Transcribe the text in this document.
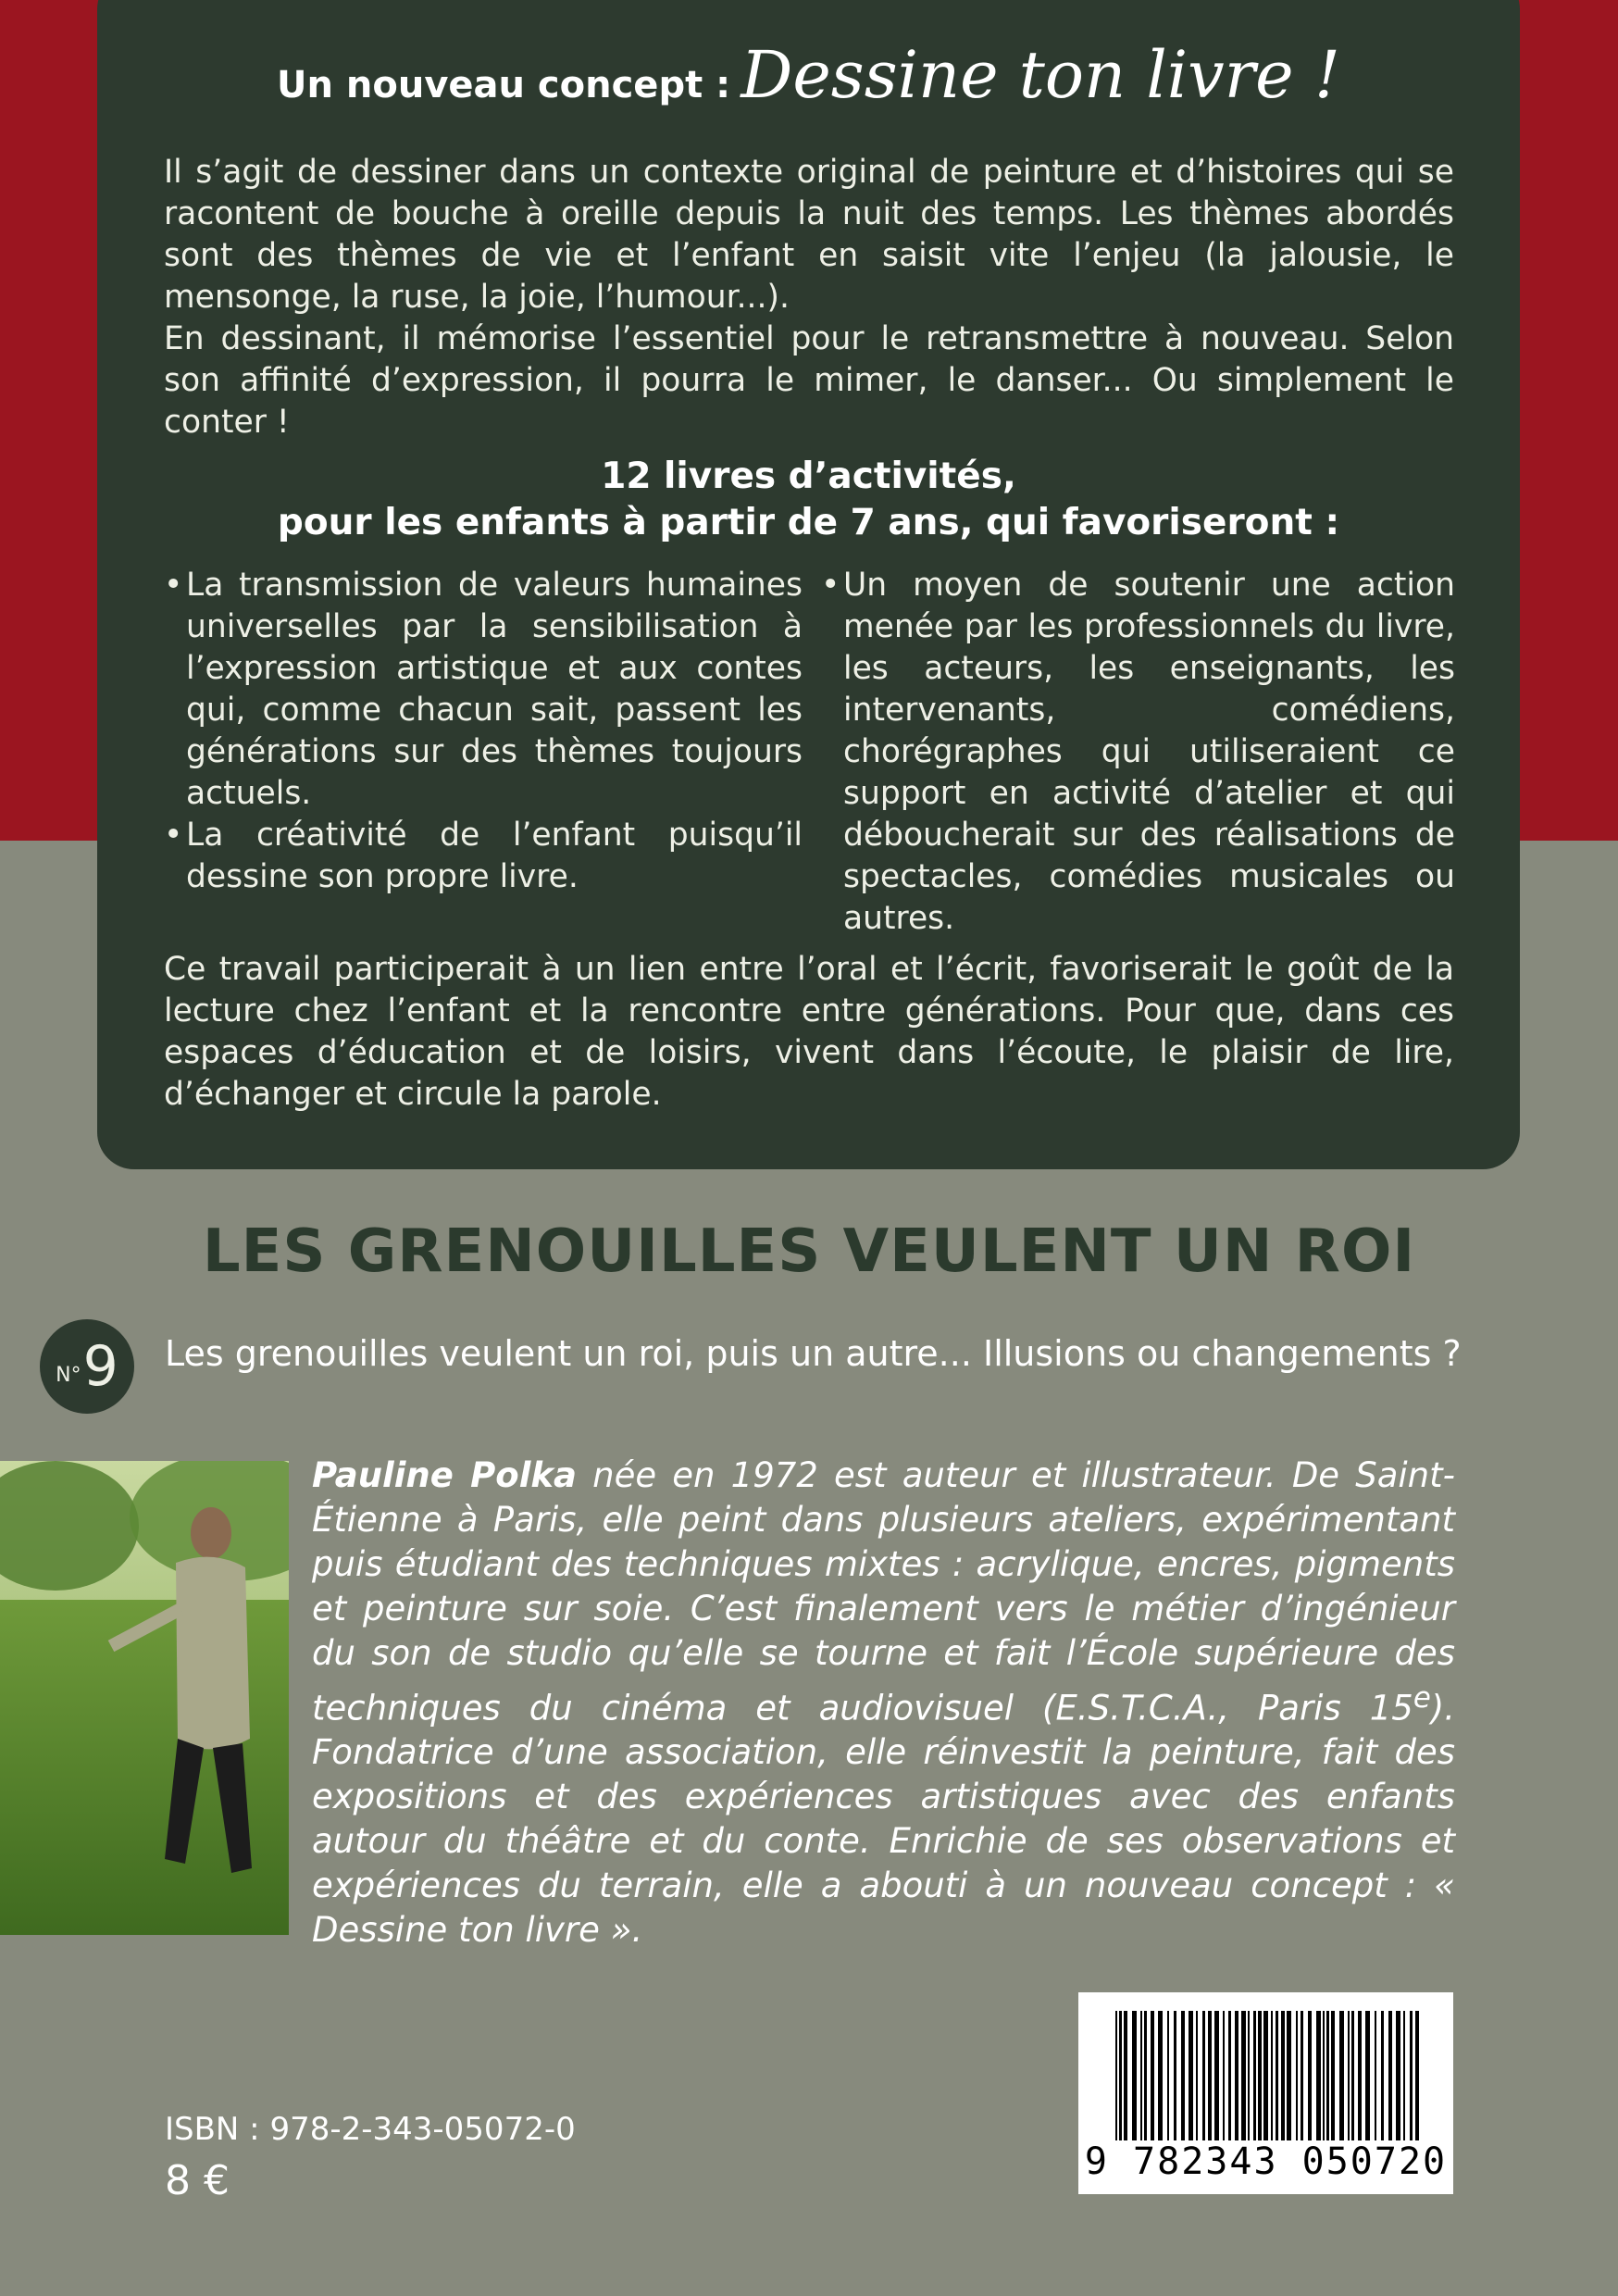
Un nouveau concept : Dessine ton livre !
Il s’agit de dessiner dans un contexte original de peinture et d’histoires qui se racontent de bouche à oreille depuis la nuit des temps. Les thèmes abordés sont des thèmes de vie et l’enfant en saisit vite l’enjeu (la jalousie, le mensonge, la ruse, la joie, l’humour...).
En dessinant, il mémorise l’essentiel pour le retransmettre à nouveau. Selon son affinité d’expression, il pourra le mimer, le danser... Ou simplement le conter !
12 livres d’activités,
pour les enfants à partir de 7 ans, qui favoriseront :
• La transmission de valeurs humaines universelles par la sensibilisation à l’expression artistique et aux contes qui, comme chacun sait, passent les générations sur des thèmes toujours actuels.
• La créativité de l’enfant puisqu’il dessine son propre livre.
• Un moyen de soutenir une action menée par les professionnels du livre, les acteurs, les enseignants, les intervenants, comédiens, chorégraphes qui utiliseraient ce support en activité d’atelier et qui déboucherait sur des réalisations de spectacles, comédies musicales ou autres.
Ce travail participerait à un lien entre l’oral et l’écrit, favoriserait le goût de la lecture chez l’enfant et la rencontre entre générations. Pour que, dans ces espaces d’éducation et de loisirs, vivent dans l’écoute, le plaisir de lire, d’échanger et circule la parole.
LES GRENOUILLES VEULENT UN ROI
N° 9 Les grenouilles veulent un roi, puis un autre... Illusions ou changements ?
Pauline Polka née en 1972 est auteur et illustrateur. De Saint-Étienne à Paris, elle peint dans plusieurs ateliers, expérimentant puis étudiant des techniques mixtes : acrylique, encres, pigments et peinture sur soie. C’est finalement vers le métier d’ingénieur du son de studio qu’elle se tourne et fait l’École supérieure des techniques du cinéma et audiovisuel (E.S.T.C.A., Paris 15e). Fondatrice d’une association, elle réinvestit la peinture, fait des expositions et des expériences artistiques avec des enfants autour du théâtre et du conte. Enrichie de ses observations et expériences du terrain, elle a abouti à un nouveau concept : « Dessine ton livre ».
ISBN : 978-2-343-05072-0
8 €	9 782343 050720
